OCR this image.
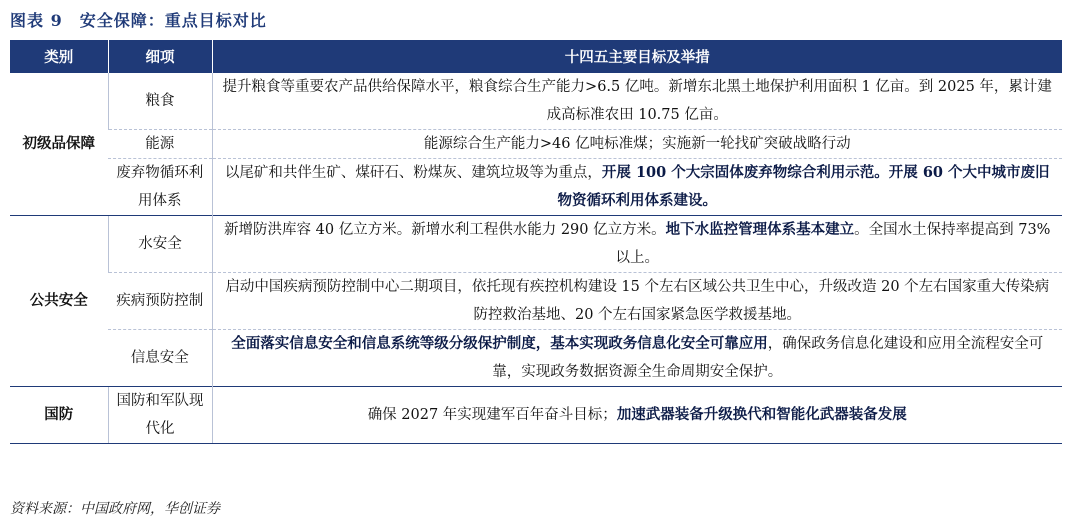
图表 9　安全保障：重点目标对比
类别	细项	十四五主要目标及举措
初级品保障	粮食	提升粮食等重要农产品供给保障水平，粮食综合生产能力>6.5 亿吨。新增东北黑土地保护利用面积 1 亿亩。到 2025 年，累计建成高标准农田 10.75 亿亩。
	能源	能源综合生产能力>46 亿吨标准煤；实施新一轮找矿突破战略行动
	废弃物循环利用体系	以尾矿和共伴生矿、煤矸石、粉煤灰、建筑垃圾等为重点，开展 100 个大宗固体废弃物综合利用示范。开展 60 个大中城市废旧物资循环利用体系建设。
公共安全	水安全	新增防洪库容 40 亿立方米。新增水利工程供水能力 290 亿立方米。地下水监控管理体系基本建立。全国水土保持率提高到 73%以上。
	疾病预防控制	启动中国疾病预防控制中心二期项目，依托现有疾控机构建设 15 个左右区域公共卫生中心，升级改造 20 个左右国家重大传染病防控救治基地、20 个左右国家紧急医学救援基地。
	信息安全	全面落实信息安全和信息系统等级分级保护制度，基本实现政务信息化安全可靠应用，确保政务信息化建设和应用全流程安全可靠，实现政务数据资源全生命周期安全保护。
国防	国防和军队现代化	确保 2027 年实现建军百年奋斗目标；加速武器装备升级换代和智能化武器装备发展
资料来源：中国政府网，华创证券
